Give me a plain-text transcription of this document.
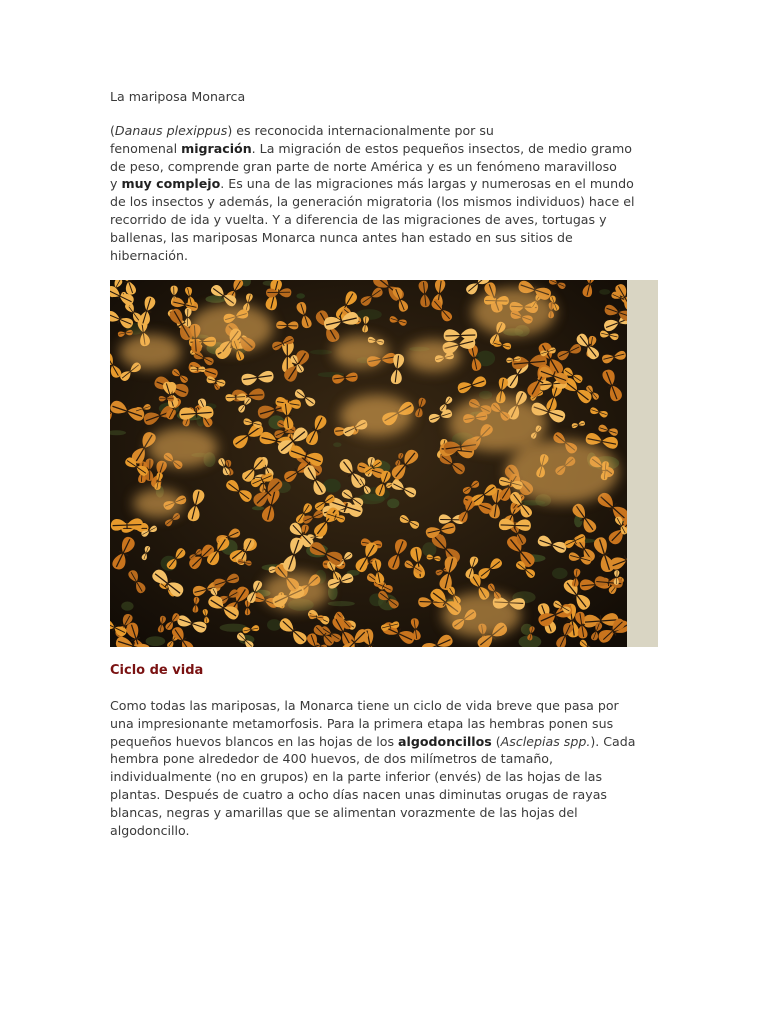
La mariposa Monarca
(Danaus plexippus) es reconocida internacionalmente por su
fenomenal migración. La migración de estos pequeños insectos, de medio gramo
de peso, comprende gran parte de norte América y es un fenómeno maravilloso
y muy complejo. Es una de las migraciones más largas y numerosas en el mundo
de los insectos y además, la generación migratoria (los mismos individuos) hace el
recorrido de ida y vuelta. Y a diferencia de las migraciones de aves, tortugas y
ballenas, las mariposas Monarca nunca antes han estado en sus sitios de
hibernación.
Ciclo de vida
Como todas las mariposas, la Monarca tiene un ciclo de vida breve que pasa por
una impresionante metamorfosis. Para la primera etapa las hembras ponen sus
pequeños huevos blancos en las hojas de los algodoncillos (Asclepias spp.). Cada
hembra pone alrededor de 400 huevos, de dos milímetros de tamaño,
individualmente (no en grupos) en la parte inferior (envés) de las hojas de las
plantas. Después de cuatro a ocho días nacen unas diminutas orugas de rayas
blancas, negras y amarillas que se alimentan vorazmente de las hojas del
algodoncillo.
